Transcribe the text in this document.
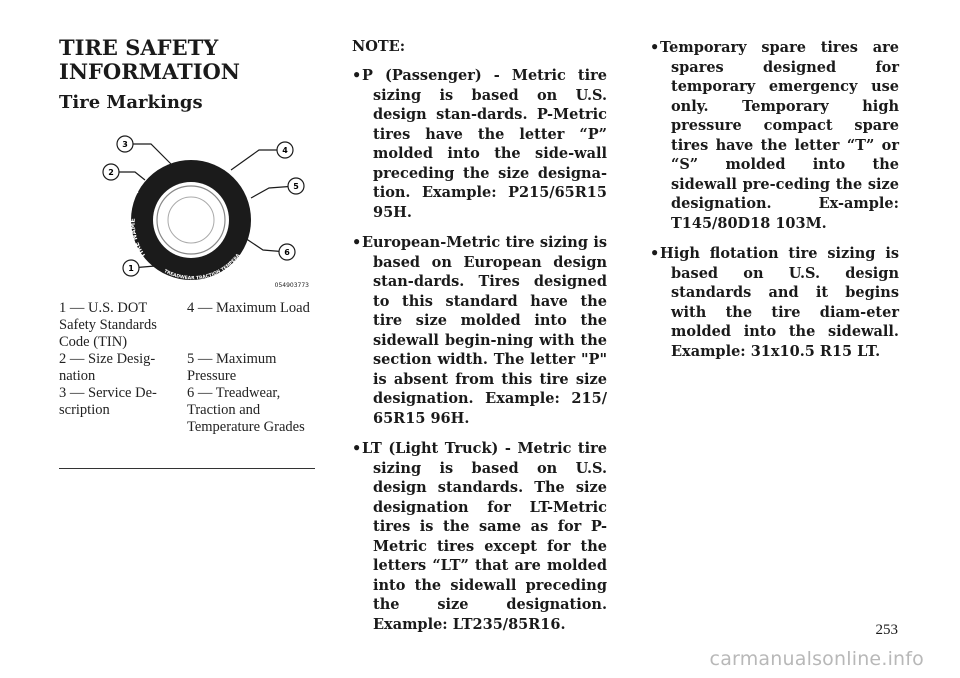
TIRE SAFETY INFORMATION
Tire Markings
P215/65R15 95H
TIRE NAME
MANUFACTURER
TREADWEAR TRACTION TEMPERA
1
2
3
4
5
6
054903773
1 — U.S. DOT Safety Standards Code (TIN)
4 — Maximum Load
2 — Size Desig-nation
5 — Maximum Pressure
3 — Service De-scription
6 — Treadwear, Traction and Temperature Grades

NOTE:

• P (Passenger) - Metric tire sizing is based on U.S. design stan-dards. P-Metric tires have the letter “P” molded into the side-wall preceding the size designa-tion. Example: P215/65R15 95H.
• European-Metric tire sizing is based on European design stan-dards. Tires designed to this standard have the tire size molded into the sidewall begin-ning with the section width. The letter "P" is absent from this tire size designation. Example: 215/ 65R15 96H.
• LT (Light Truck) - Metric tire sizing is based on U.S. design standards. The size designation for LT-Metric tires is the same as for P-Metric tires except for the letters “LT” that are molded into the sidewall preceding the size designation. Example: LT235/85R16.
• Temporary spare tires are spares designed for temporary emergency use only. Temporary high pressure compact spare tires have the letter “T” or “S” molded into the sidewall pre-ceding the size designation. Ex-ample: T145/80D18 103M.
• High flotation tire sizing is based on U.S. design standards and it begins with the tire diam-eter molded into the sidewall. Example: 31x10.5 R15 LT.
253
carmanualsonline.info
